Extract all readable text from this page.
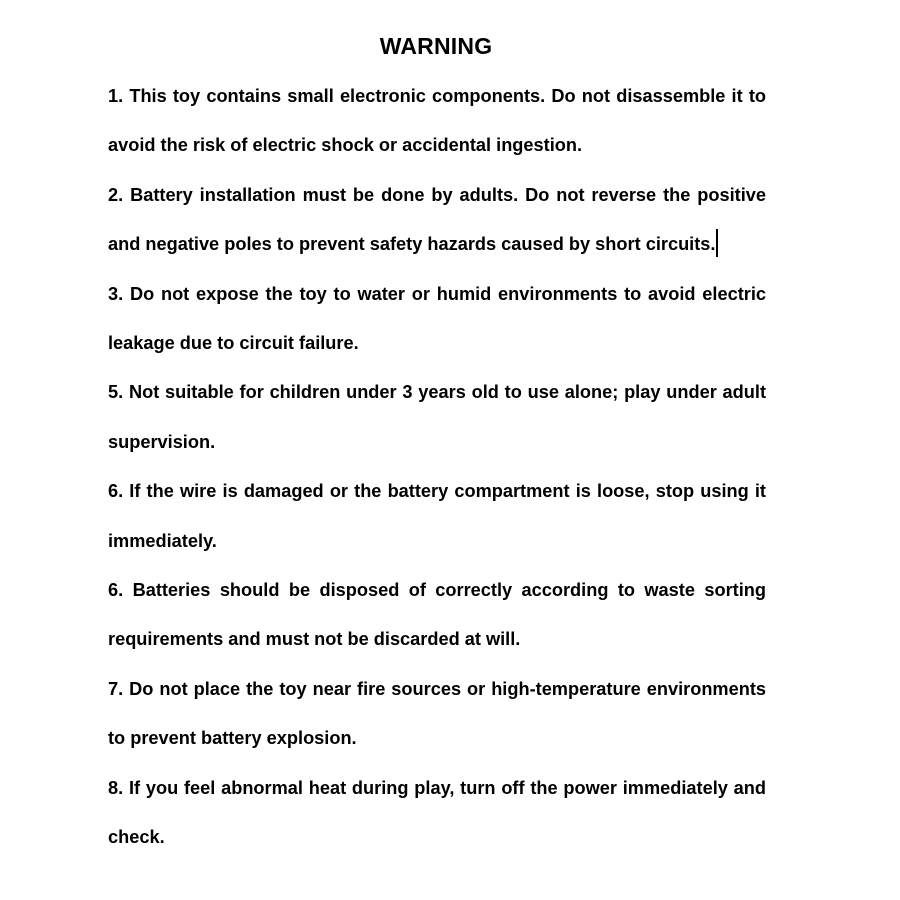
WARNING

1. This toy contains small electronic components. Do not disassemble it to avoid the risk of electric shock or accidental ingestion.

2. Battery installation must be done by adults. Do not reverse the positive and negative poles to prevent safety hazards caused by short circuits.

3. Do not expose the toy to water or humid environments to avoid electric leakage due to circuit failure.

5. Not suitable for children under 3 years old to use alone; play under adult supervision.

6. If the wire is damaged or the battery compartment is loose, stop using it immediately.

6. Batteries should be disposed of correctly according to waste sorting requirements and must not be discarded at will.

7. Do not place the toy near fire sources or high-temperature environments to prevent battery explosion.

8. If you feel abnormal heat during play, turn off the power immediately and check.
